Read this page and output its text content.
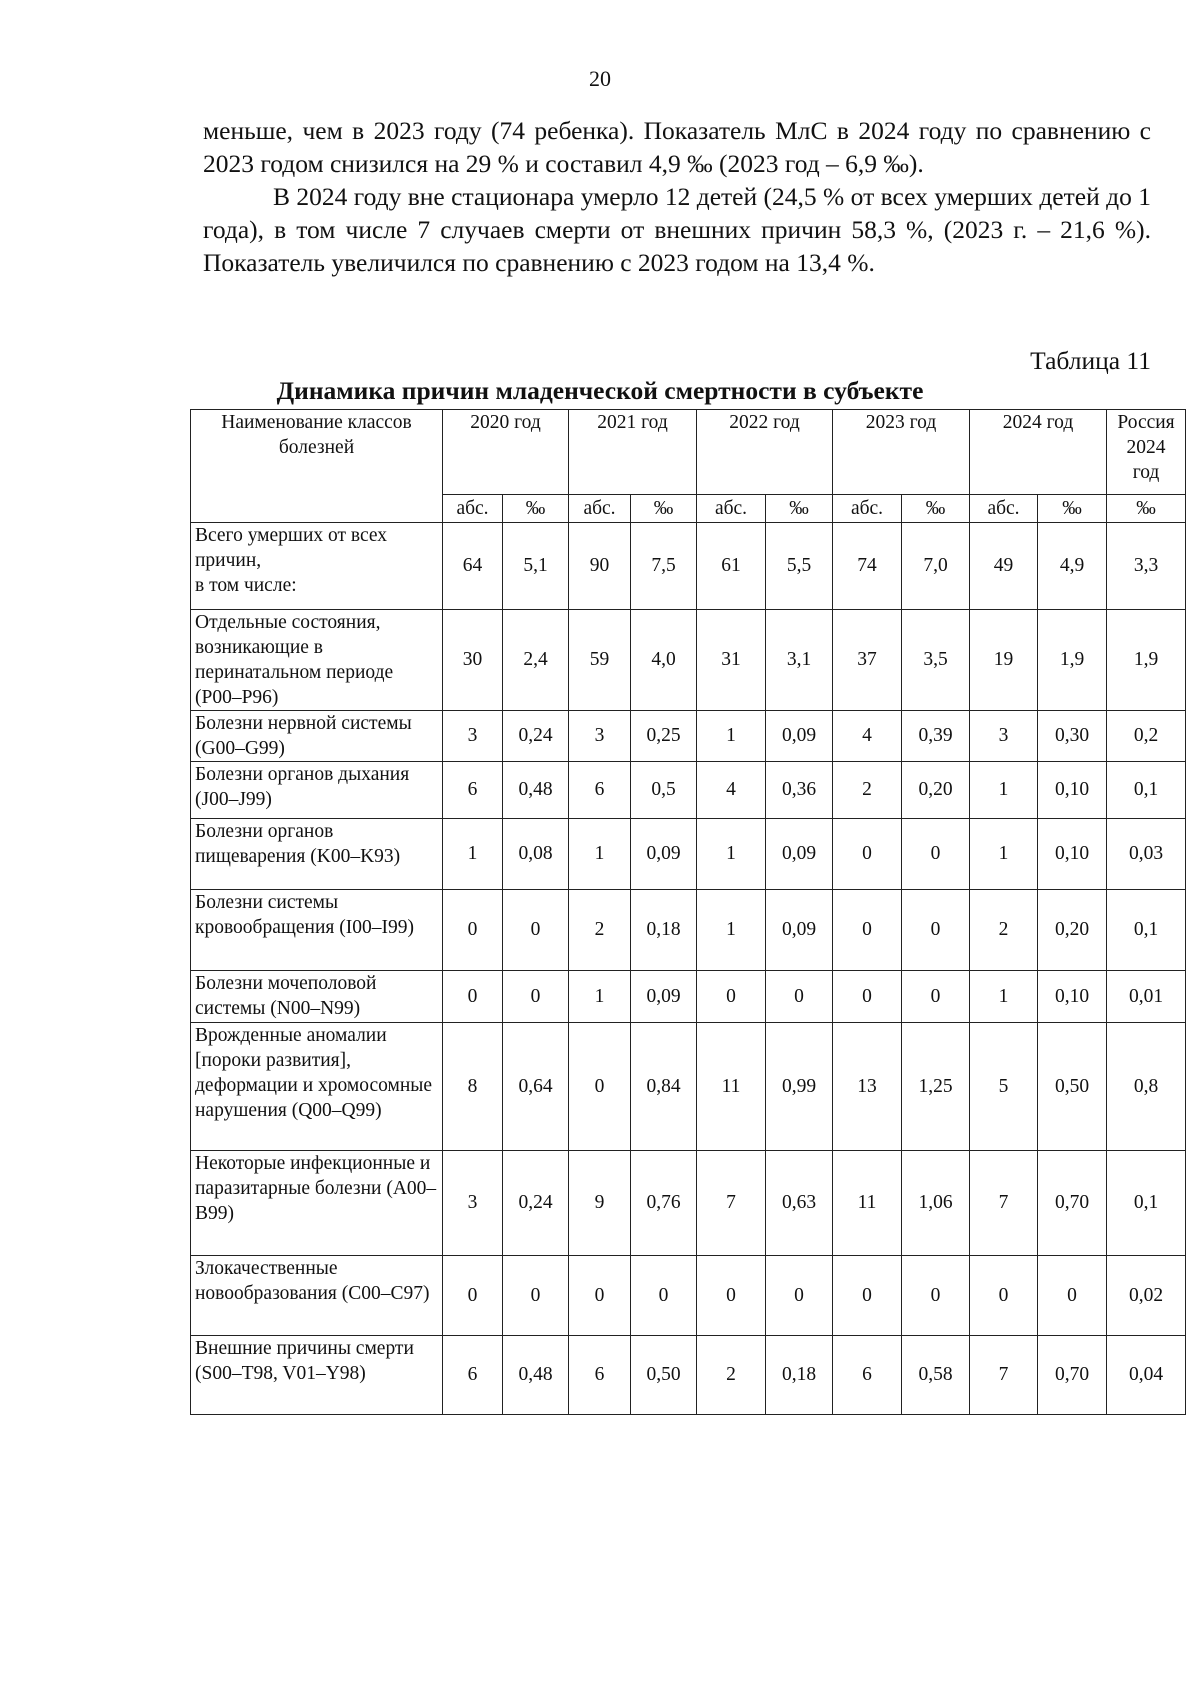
20

меньше, чем в 2023 году (74 ребенка). Показатель МлС в 2024 году по сравнению с 2023 годом снизился на 29 % и составил 4,9 ‰ (2023 год – 6,9 ‰).

В 2024 году вне стационара умерло 12 детей (24,5 % от всех умерших детей до 1 года), в том числе 7 случаев смерти от внешних причин 58,3 %, (2023 г. – 21,6 %). Показатель увеличился по сравнению с 2023 годом на 13,4 %.

Таблица 11
Динамика причин младенческой смертности в субъекте
Наименование классов болезней	2020 год		2021 год		2022 год		2023 год		2024 год		Россия 2024 год
	абс.	‰	абс.	‰	абс.	‰	абс.	‰	абс.	‰	‰
Всего умерших от всех причин,
в том числе:	64	5,1	90	7,5	61	5,5	74	7,0	49	4,9	3,3
Отдельные состояния, возникающие в перинатальном периоде (P00–P96)	30	2,4	59	4,0	31	3,1	37	3,5	19	1,9	1,9
Болезни нервной системы (G00–G99)	3	0,24	3	0,25	1	0,09	4	0,39	3	0,30	0,2
Болезни органов дыхания (J00–J99)	6	0,48	6	0,5	4	0,36	2	0,20	1	0,10	0,1
Болезни органов пищеварения (K00–K93)	1	0,08	1	0,09	1	0,09	0	0	1	0,10	0,03
Болезни системы кровообращения (I00–I99)	0	0	2	0,18	1	0,09	0	0	2	0,20	0,1
Болезни мочеполовой системы (N00–N99)	0	0	1	0,09	0	0	0	0	1	0,10	0,01
Врожденные аномалии [пороки развития], деформации и хромосомные нарушения (Q00–Q99)	8	0,64	0	0,84	11	0,99	13	1,25	5	0,50	0,8
Некоторые инфекционные и паразитарные болезни (A00–B99)	3	0,24	9	0,76	7	0,63	11	1,06	7	0,70	0,1
Злокачественные новообразования (C00–C97)	0	0	0	0	0	0	0	0	0	0	0,02
Внешние причины смерти (S00–T98, V01–Y98)	6	0,48	6	0,50	2	0,18	6	0,58	7	0,70	0,04
